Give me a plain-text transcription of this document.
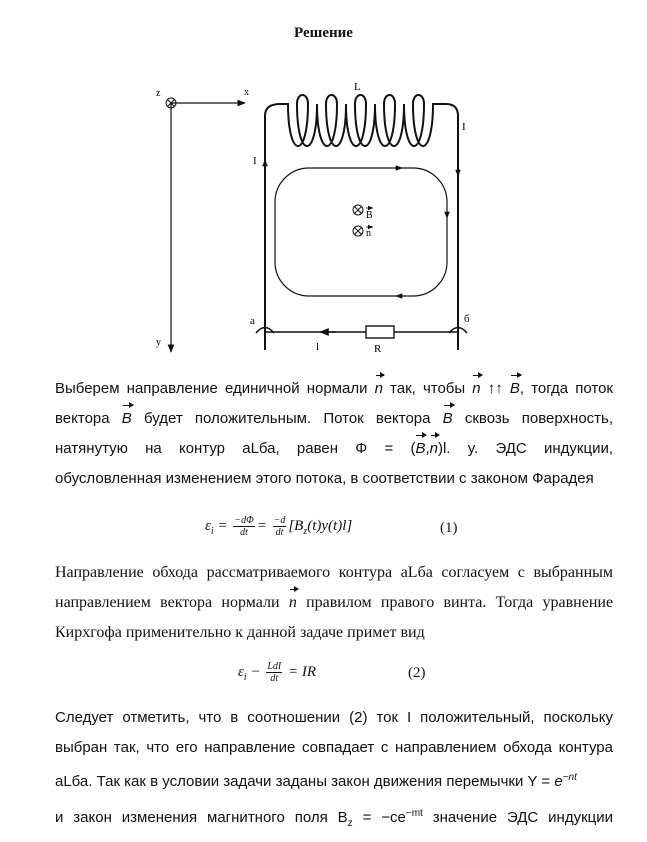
Решение
z	x
y
L
I
I
B
n
a	б
l	R

Выберем направление единичной нормали n так, чтобы n ↑↑ B, тогда поток

вектора B будет положительным. Поток вектора B сквозь поверхность,

натянутую на контур aLба, равен Φ = (B,n)l. y. ЭДС индукции,

обусловленная изменением этого потока, в соответствии с законом Фарадея

$\varepsilon_i = \frac{-d\Phi}{dt} = \frac{-d}{dt} [B_z(t)y(t)l]$	(1)

Направление обхода рассматриваемого контура aLба согласуем с выбранным

направлением вектора нормали n правилом правого винта. Тогда уравнение

Кирхгофа применительно к данной задаче примет вид

$\varepsilon_i - \frac{\text{LdI}}{dt}$ = IR	(2)

Следует отметить, что в соотношении (2) ток I положительный, поскольку

выбран так, что его направление совпадает с направлением обхода контура

aLба. Так как в условии задачи заданы закон движения перемычки $Y = e^{-nt}$

и закон изменения магнитного поля $B_z = -ce^{-mt}$ значение ЭДС индукции
